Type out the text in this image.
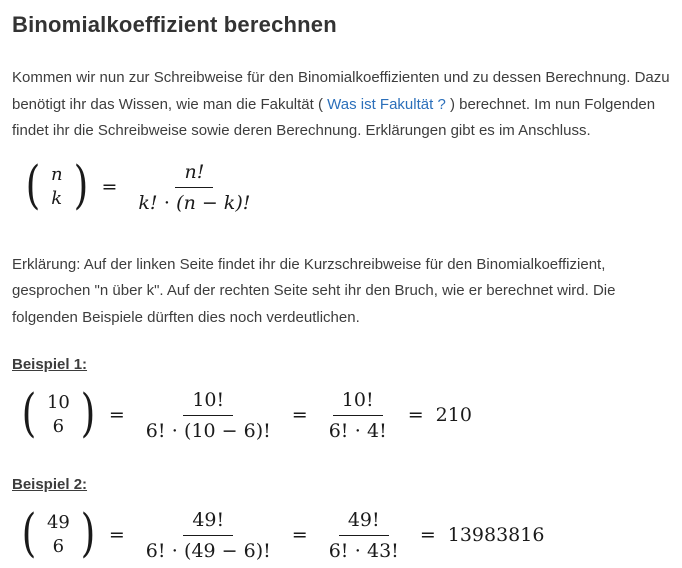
Binomialkoeffizient berechnen

Kommen wir nun zur Schreibweise für den Binomialkoeffizienten und zu dessen Berechnung. Dazu benötigt ihr das Wissen, wie man die Fakultät ( Was ist Fakultät ? ) berechnet. Im nun Folgenden findet ihr die Schreibweise sowie deren Berechnung. Erklärungen gibt es im Anschluss.

( n
k ) = $\frac{n!}{k! \cdot (n - k)!}$

Erklärung: Auf der linken Seite findet ihr die Kurzschreibweise für den Binomialkoeffizient, gesprochen "n über k". Auf der rechten Seite seht ihr den Bruch, wie er berechnet wird. Die folgenden Beispiele dürften dies noch verdeutlichen.

Beispiel 1:
( 10
6 ) = $\frac{10!}{6! \cdot (10 - 6)!} = \frac{10!}{6! \cdot 4!} = 210$
Beispiel 2:
( 49
6 ) = $\frac{49!}{6! \cdot (49 - 6)!} = \frac{49!}{6! \cdot 43!} = 13983816$
